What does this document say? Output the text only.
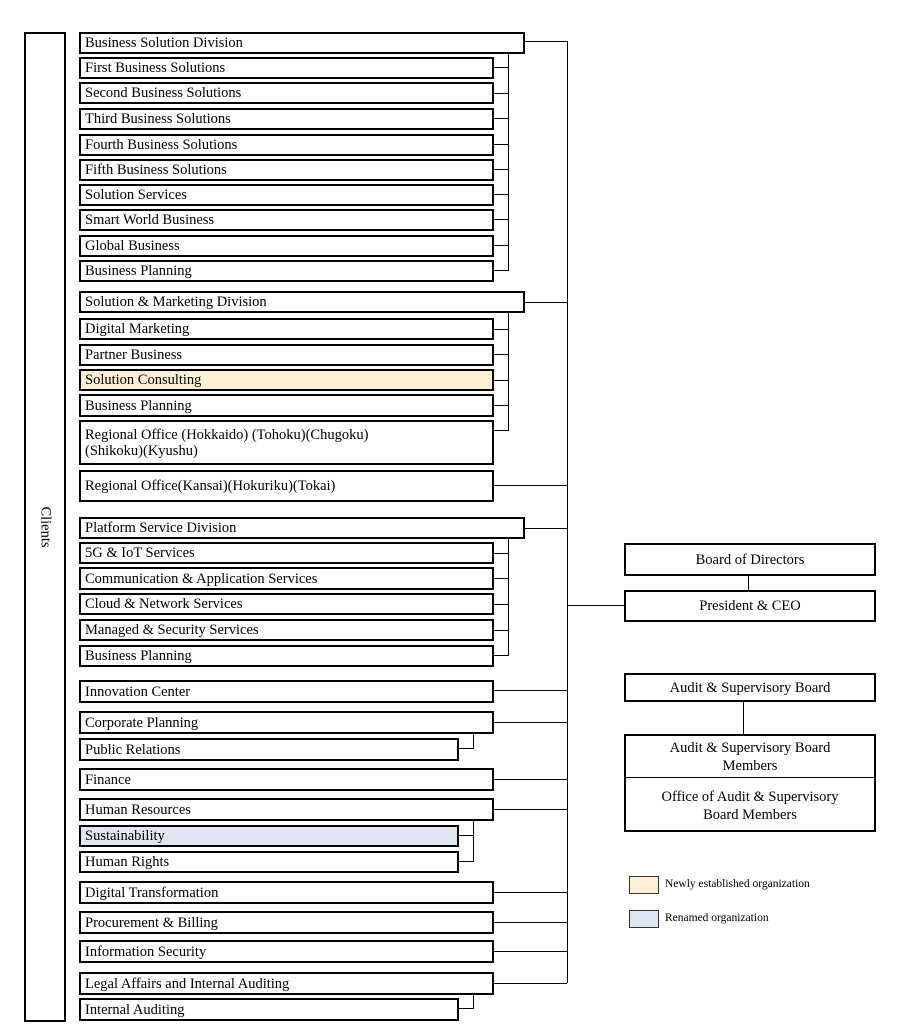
Clients
Business Solution Division
First Business Solutions
Second Business Solutions
Third Business Solutions
Fourth Business Solutions
Fifth Business Solutions
Solution Services
Smart World Business
Global Business
Business Planning
Solution & Marketing Division
Digital Marketing
Partner Business
Solution Consulting
Business Planning
Regional Office (Hokkaido) (Tohoku)(Chugoku)
(Shikoku)(Kyushu)
Regional Office(Kansai)(Hokuriku)(Tokai)
Platform Service Division
5G & IoT Services
Communication & Application Services
Cloud & Network Services
Managed & Security Services
Business Planning
Innovation Center
Corporate Planning
Public Relations
Finance
Human Resources
Sustainability
Human Rights
Digital Transformation
Procurement & Billing
Information Security
Legal Affairs and Internal Auditing
Internal Auditing
Board of Directors
President & CEO
Audit & Supervisory Board
Audit & Supervisory Board
Members
Office of Audit & Supervisory
Board Members
Newly established organization
Renamed organization
